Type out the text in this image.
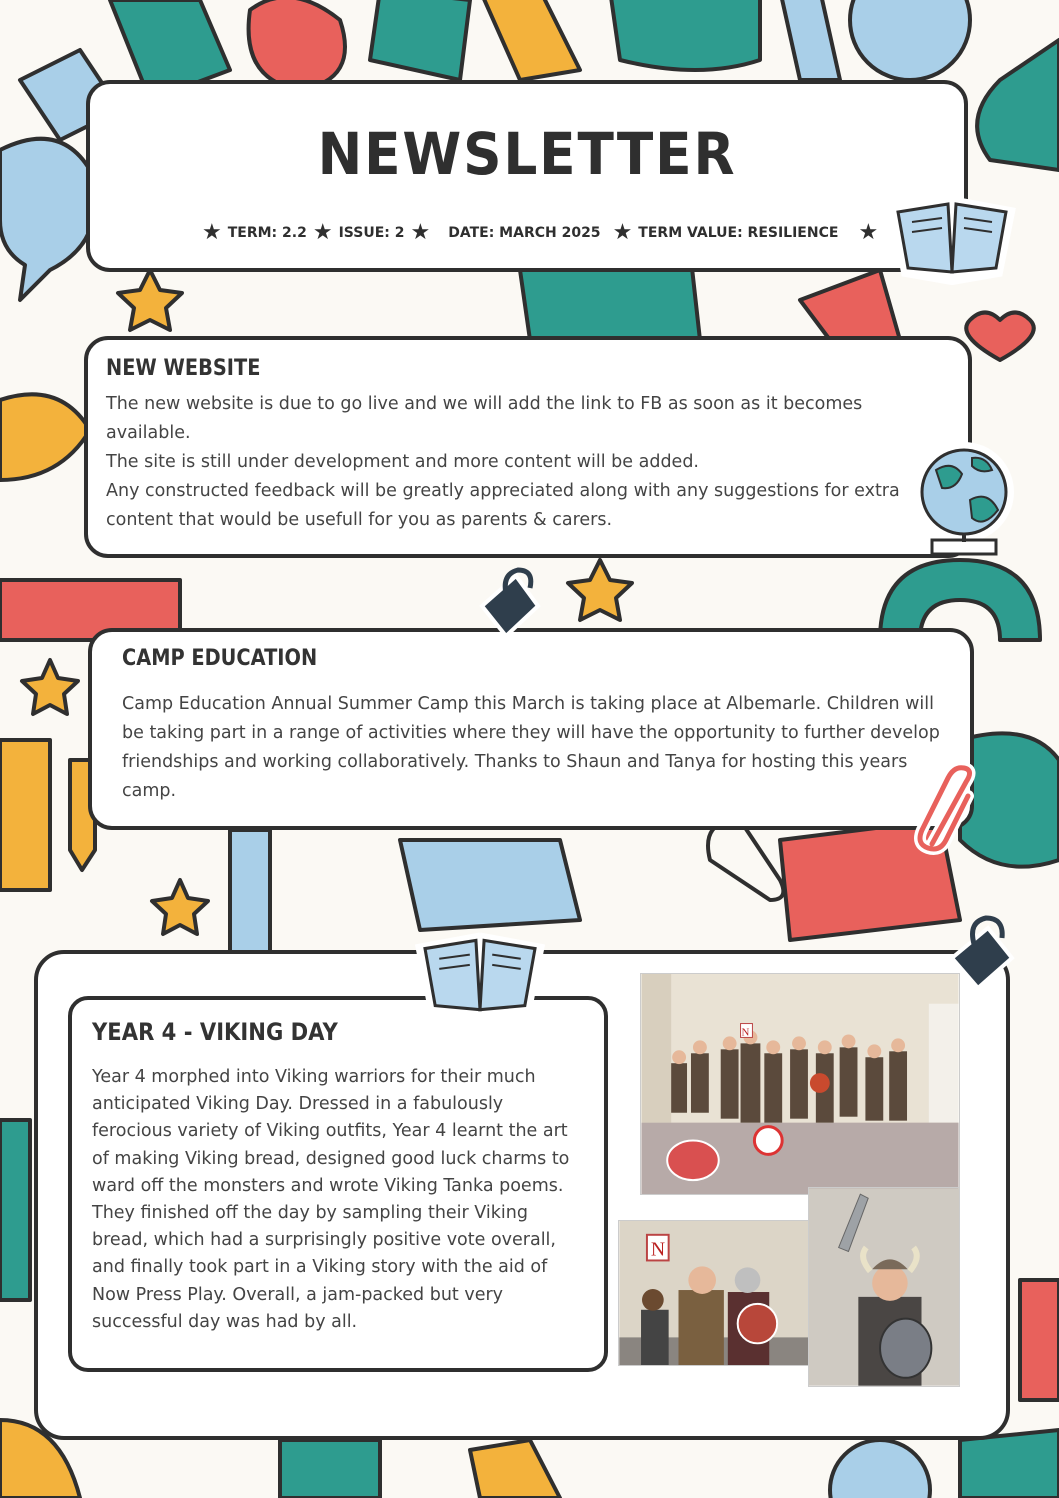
NEWSLETTER
★ TERM: 2.2 ★ ISSUE: 2 ★ DATE: MARCH 2025 ★ TERM VALUE: RESILIENCE ★
NEW WEBSITE

The new website is due to go live and we will add the link to FB as soon as it becomes available.

The site is still under development and more content will be added.

Any constructed feedback will be greatly appreciated along with any suggestions for extra content that would be usefull for you as parents & carers.

CAMP EDUCATION

Camp Education Annual Summer Camp this March is taking place at Albemarle. Children will be taking part in a range of activities where they will have the opportunity to further develop friendships and working collaboratively. Thanks to Shaun and Tanya for hosting this years camp.

YEAR 4 - VIKING DAY

Year 4 morphed into Viking warriors for their much anticipated Viking Day. Dressed in a fabulously ferocious variety of Viking outfits, Year 4 learnt the art of making Viking bread, designed good luck charms to ward off the monsters and wrote Viking Tanka poems. They finished off the day by sampling their Viking bread, which had a surprisingly positive vote overall, and finally took part in a Viking story with the aid of Now Press Play. Overall, a jam-packed but very successful day was had by all.

N
N
